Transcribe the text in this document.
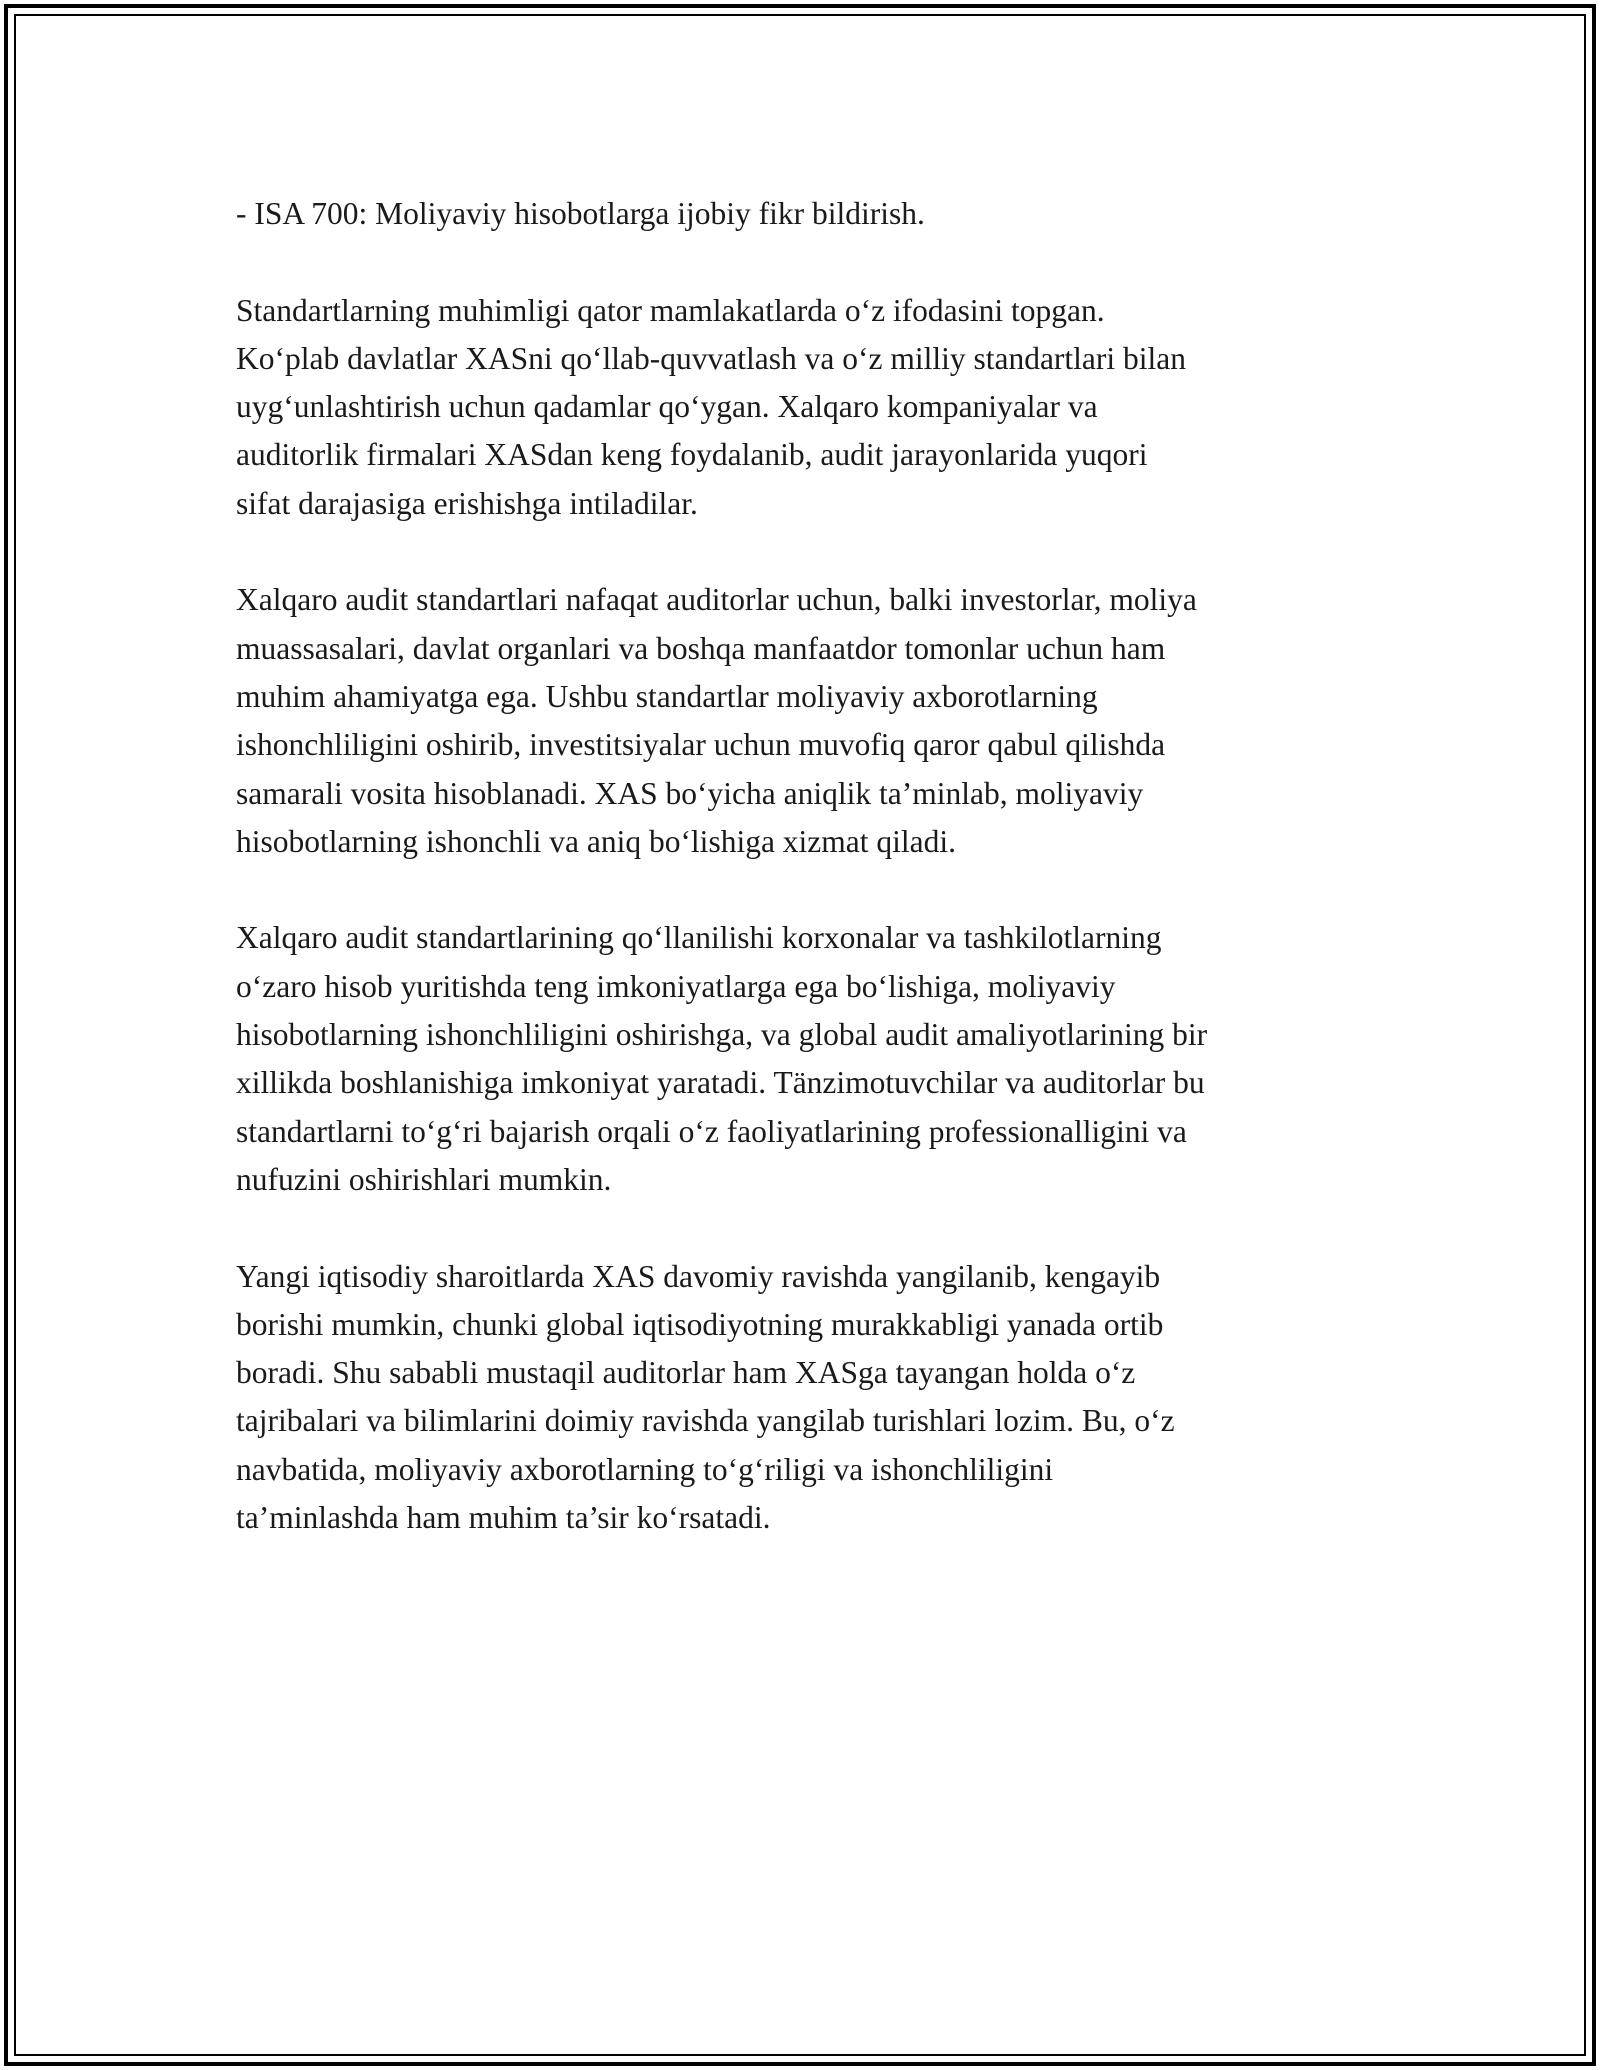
- ISA 700: Moliyaviy hisobotlarga ijobiy fikr bildirish.

Standartlarning muhimligi qator mamlakatlarda o‘z ifodasini topgan.
Ko‘plab davlatlar XASni qo‘llab-quvvatlash va o‘z milliy standartlari bilan
uyg‘unlashtirish uchun qadamlar qo‘ygan. Xalqaro kompaniyalar va
auditorlik firmalari XASdan keng foydalanib, audit jarayonlarida yuqori
sifat darajasiga erishishga intiladilar.

Xalqaro audit standartlari nafaqat auditorlar uchun, balki investorlar, moliya
muassasalari, davlat organlari va boshqa manfaatdor tomonlar uchun ham
muhim ahamiyatga ega. Ushbu standartlar moliyaviy axborotlarning
ishonchliligini oshirib, investitsiyalar uchun muvofiq qaror qabul qilishda
samarali vosita hisoblanadi. XAS bo‘yicha aniqlik ta’minlab, moliyaviy
hisobotlarning ishonchli va aniq bo‘lishiga xizmat qiladi.

Xalqaro audit standartlarining qo‘llanilishi korxonalar va tashkilotlarning
o‘zaro hisob yuritishda teng imkoniyatlarga ega bo‘lishiga, moliyaviy
hisobotlarning ishonchliligini oshirishga, va global audit amaliyotlarining bir
xillikda boshlanishiga imkoniyat yaratadi. Tänzimotuvchilar va auditorlar bu
standartlarni to‘g‘ri bajarish orqali o‘z faoliyatlarining professionalligini va
nufuzini oshirishlari mumkin.

Yangi iqtisodiy sharoitlarda XAS davomiy ravishda yangilanib, kengayib
borishi mumkin, chunki global iqtisodiyotning murakkabligi yanada ortib
boradi. Shu sababli mustaqil auditorlar ham XASga tayangan holda o‘z
tajribalari va bilimlarini doimiy ravishda yangilab turishlari lozim. Bu, o‘z
navbatida, moliyaviy axborotlarning to‘g‘riligi va ishonchliligini
ta’minlashda ham muhim ta’sir ko‘rsatadi.
